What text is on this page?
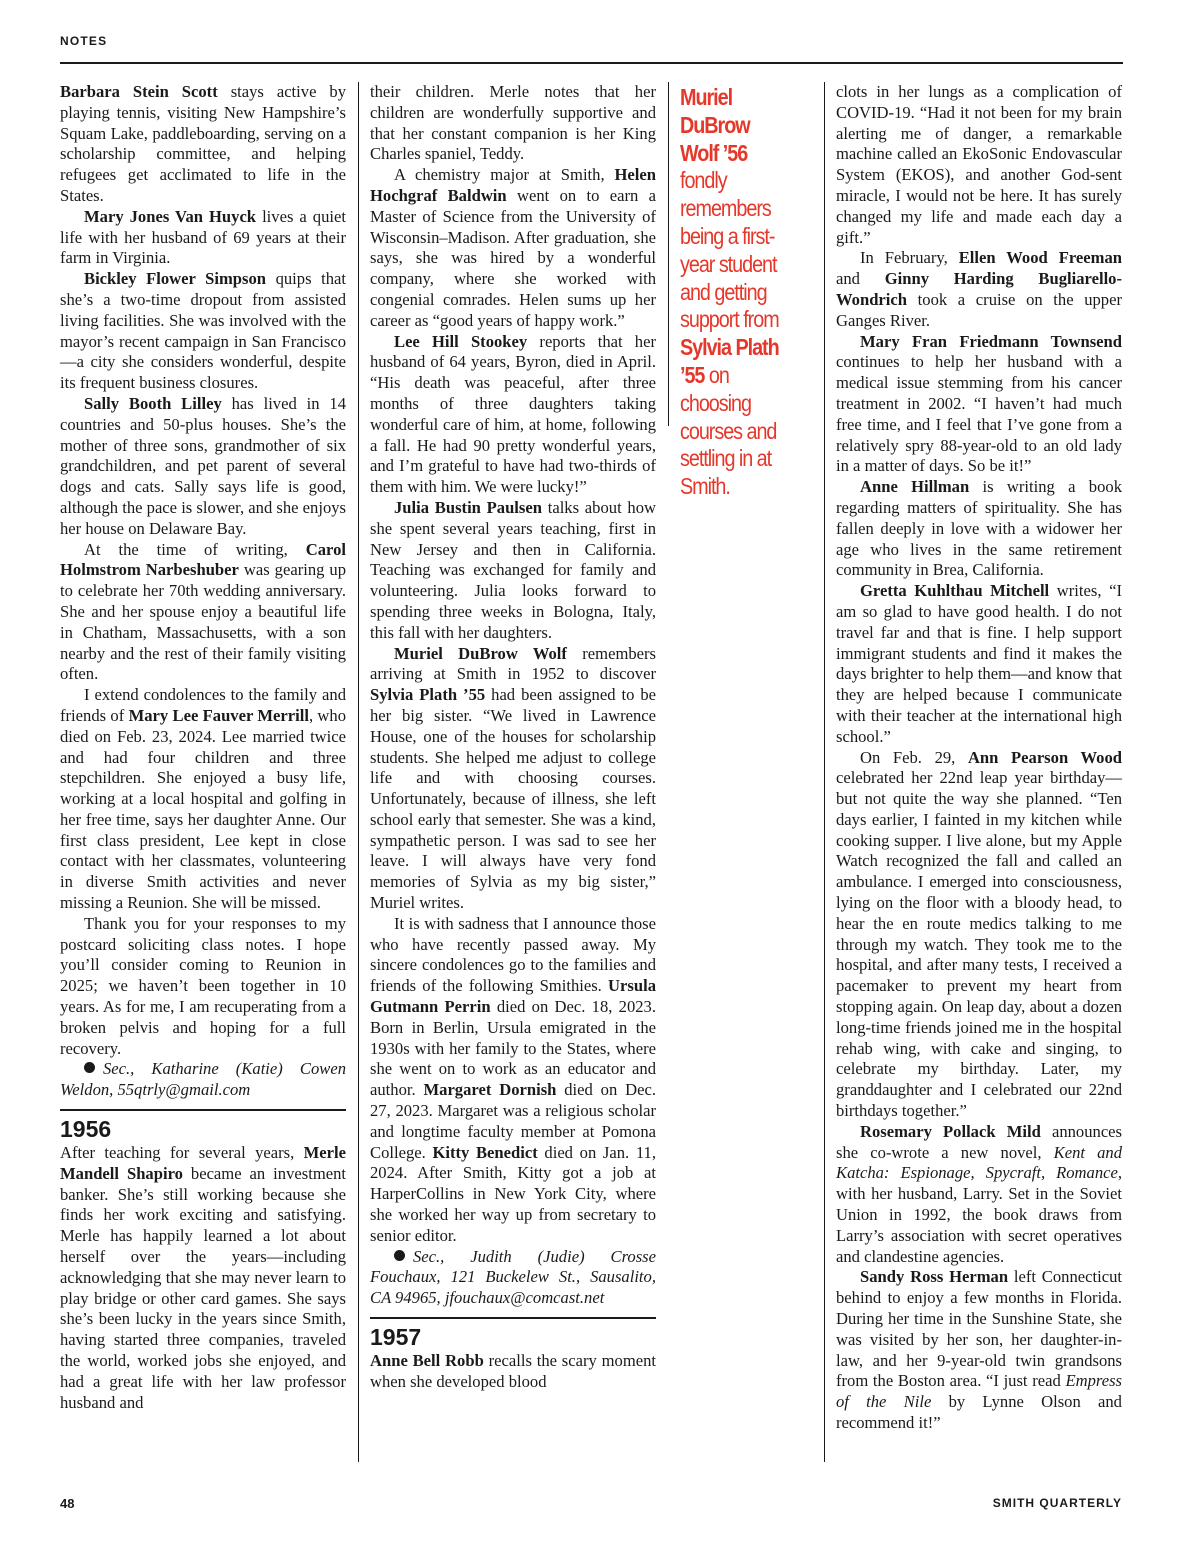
NOTES

Barbara Stein Scott stays active by playing tennis, visiting New Hampshire’s Squam Lake, paddleboarding, serving on a scholarship committee, and helping refugees get acclimated to life in the States.

Mary Jones Van Huyck lives a quiet life with her husband of 69 years at their farm in Virginia.

Bickley Flower Simpson quips that she’s a two-time dropout from assisted living facilities. She was involved with the mayor’s recent campaign in San Francisco—a city she considers wonderful, despite its frequent business closures.

Sally Booth Lilley has lived in 14 countries and 50-plus houses. She’s the mother of three sons, grandmother of six grandchildren, and pet parent of several dogs and cats. Sally says life is good, although the pace is slower, and she enjoys her house on Delaware Bay.

At the time of writing, Carol Holmstrom Narbeshuber was gearing up to celebrate her 70th wedding anniversary. She and her spouse enjoy a beautiful life in Chatham, Massachusetts, with a son nearby and the rest of their family visiting often.

I extend condolences to the family and friends of Mary Lee Fauver Merrill, who died on Feb. 23, 2024. Lee married twice and had four children and three stepchildren. She enjoyed a busy life, working at a local hospital and golfing in her free time, says her daughter Anne. Our first class president, Lee kept in close contact with her classmates, volunteering in diverse Smith activities and never missing a Reunion. She will be missed.

Thank you for your responses to my postcard soliciting class notes. I hope you’ll consider coming to Reunion in 2025; we haven’t been together in 10 years. As for me, I am recuperating from a broken pelvis and hoping for a full recovery.

Sec., Katharine (Katie) Cowen Weldon, 55qtrly@gmail.com

1956

After teaching for several years, Merle Mandell Shapiro became an investment banker. She’s still working because she finds her work exciting and satisfying. Merle has happily learned a lot about herself over the years—including acknowledging that she may never learn to play bridge or other card games. She says she’s been lucky in the years since Smith, having started three companies, traveled the world, worked jobs she enjoyed, and had a great life with her law professor husband and

their children. Merle notes that her children are wonderfully supportive and that her constant companion is her King Charles spaniel, Teddy.

A chemistry major at Smith, Helen Hochgraf Baldwin went on to earn a Master of Science from the University of Wisconsin–Madison. After graduation, she says, she was hired by a wonderful company, where she worked with congenial comrades. Helen sums up her career as “good years of happy work.”

Lee Hill Stookey reports that her husband of 64 years, Byron, died in April. “His death was peaceful, after three months of three daughters taking wonderful care of him, at home, following a fall. He had 90 pretty wonderful years, and I’m grateful to have had two-thirds of them with him. We were lucky!”

Julia Bustin Paulsen talks about how she spent several years teaching, first in New Jersey and then in California. Teaching was exchanged for family and volunteering. Julia looks forward to spending three weeks in Bologna, Italy, this fall with her daughters.

Muriel DuBrow Wolf remembers arriving at Smith in 1952 to discover Sylvia Plath ’55 had been assigned to be her big sister. “We lived in Lawrence House, one of the houses for scholarship students. She helped me adjust to college life and with choosing courses. Unfortunately, because of illness, she left school early that semester. She was a kind, sympathetic person. I was sad to see her leave. I will always have very fond memories of Sylvia as my big sister,” Muriel writes.

It is with sadness that I announce those who have recently passed away. My sincere condolences go to the families and friends of the following Smithies. Ursula Gutmann Perrin died on Dec. 18, 2023. Born in Berlin, Ursula emigrated in the 1930s with her family to the States, where she went on to work as an educator and author. Margaret Dornish died on Dec. 27, 2023. Margaret was a religious scholar and longtime faculty member at Pomona College. Kitty Benedict died on Jan. 11, 2024. After Smith, Kitty got a job at HarperCollins in New York City, where she worked her way up from secretary to senior editor.

Sec., Judith (Judie) Crosse Fouchaux, 121 Buckelew St., Sausalito, CA 94965, jfouchaux@comcast.net

1957

Anne Bell Robb recalls the scary moment when she developed blood

Muriel DuBrow Wolf ’56 fondly remembers being a first-year student and getting support from Sylvia Plath ’55 on choosing courses and settling in at Smith.

clots in her lungs as a complication of COVID-19. “Had it not been for my brain alerting me of danger, a remarkable machine called an EkoSonic Endovascular System (EKOS), and another God-sent miracle, I would not be here. It has surely changed my life and made each day a gift.”

In February, Ellen Wood Freeman and Ginny Harding Bugliarello-Wondrich took a cruise on the upper Ganges River.

Mary Fran Friedmann Townsend continues to help her husband with a medical issue stemming from his cancer treatment in 2002. “I haven’t had much free time, and I feel that I’ve gone from a relatively spry 88-year-old to an old lady in a matter of days. So be it!”

Anne Hillman is writing a book regarding matters of spirituality. She has fallen deeply in love with a widower her age who lives in the same retirement community in Brea, California.

Gretta Kuhlthau Mitchell writes, “I am so glad to have good health. I do not travel far and that is fine. I help support immigrant students and find it makes the days brighter to help them—and know that they are helped because I communicate with their teacher at the international high school.”

On Feb. 29, Ann Pearson Wood celebrated her 22nd leap year birthday—but not quite the way she planned. “Ten days earlier, I fainted in my kitchen while cooking supper. I live alone, but my Apple Watch recognized the fall and called an ambulance. I emerged into consciousness, lying on the floor with a bloody head, to hear the en route medics talking to me through my watch. They took me to the hospital, and after many tests, I received a pacemaker to prevent my heart from stopping again. On leap day, about a dozen long-time friends joined me in the hospital rehab wing, with cake and singing, to celebrate my birthday. Later, my granddaughter and I celebrated our 22nd birthdays together.”

Rosemary Pollack Mild announces she co-wrote a new novel, Kent and Katcha: Espionage, Spycraft, Romance, with her husband, Larry. Set in the Soviet Union in 1992, the book draws from Larry’s association with secret operatives and clandestine agencies.

Sandy Ross Herman left Connecticut behind to enjoy a few months in Florida. During her time in the Sunshine State, she was visited by her son, her daughter-in-law, and her 9-year-old twin grandsons from the Boston area. “I just read Empress of the Nile by Lynne Olson and recommend it!”

48	SMITH QUARTERLY
